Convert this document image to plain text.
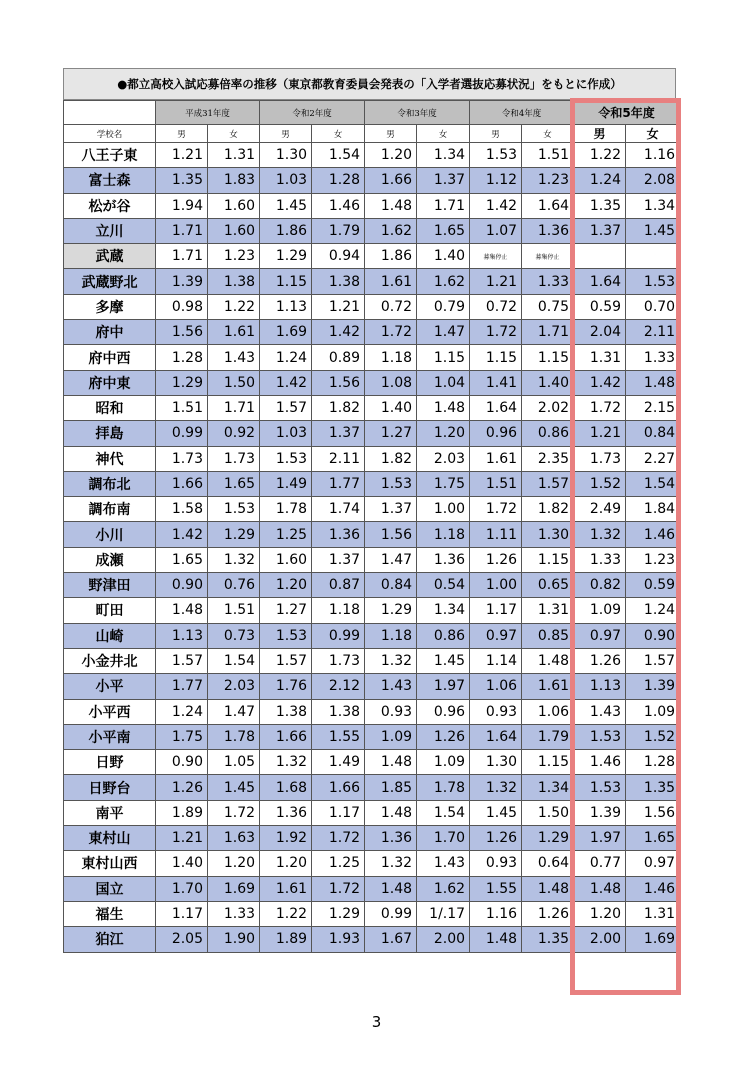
●都立高校入試応募倍率の推移（東京都教育委員会発表の「入学者選抜応募状況」をもとに作成）
	平成31年度		令和2年度		令和3年度		令和4年度		令和5年度	
学校名	男	女	男	女	男	女	男	女	男	女
八王子東	1.21	1.31	1.30	1.54	1.20	1.34	1.53	1.51	1.22	1.16
富士森	1.35	1.83	1.03	1.28	1.66	1.37	1.12	1.23	1.24	2.08
松が谷	1.94	1.60	1.45	1.46	1.48	1.71	1.42	1.64	1.35	1.34
立川	1.71	1.60	1.86	1.79	1.62	1.65	1.07	1.36	1.37	1.45
武蔵	1.71	1.23	1.29	0.94	1.86	1.40	募集停止	募集停止		
武蔵野北	1.39	1.38	1.15	1.38	1.61	1.62	1.21	1.33	1.64	1.53
多摩	0.98	1.22	1.13	1.21	0.72	0.79	0.72	0.75	0.59	0.70
府中	1.56	1.61	1.69	1.42	1.72	1.47	1.72	1.71	2.04	2.11
府中西	1.28	1.43	1.24	0.89	1.18	1.15	1.15	1.15	1.31	1.33
府中東	1.29	1.50	1.42	1.56	1.08	1.04	1.41	1.40	1.42	1.48
昭和	1.51	1.71	1.57	1.82	1.40	1.48	1.64	2.02	1.72	2.15
拝島	0.99	0.92	1.03	1.37	1.27	1.20	0.96	0.86	1.21	0.84
神代	1.73	1.73	1.53	2.11	1.82	2.03	1.61	2.35	1.73	2.27
調布北	1.66	1.65	1.49	1.77	1.53	1.75	1.51	1.57	1.52	1.54
調布南	1.58	1.53	1.78	1.74	1.37	1.00	1.72	1.82	2.49	1.84
小川	1.42	1.29	1.25	1.36	1.56	1.18	1.11	1.30	1.32	1.46
成瀬	1.65	1.32	1.60	1.37	1.47	1.36	1.26	1.15	1.33	1.23
野津田	0.90	0.76	1.20	0.87	0.84	0.54	1.00	0.65	0.82	0.59
町田	1.48	1.51	1.27	1.18	1.29	1.34	1.17	1.31	1.09	1.24
山崎	1.13	0.73	1.53	0.99	1.18	0.86	0.97	0.85	0.97	0.90
小金井北	1.57	1.54	1.57	1.73	1.32	1.45	1.14	1.48	1.26	1.57
小平	1.77	2.03	1.76	2.12	1.43	1.97	1.06	1.61	1.13	1.39
小平西	1.24	1.47	1.38	1.38	0.93	0.96	0.93	1.06	1.43	1.09
小平南	1.75	1.78	1.66	1.55	1.09	1.26	1.64	1.79	1.53	1.52
日野	0.90	1.05	1.32	1.49	1.48	1.09	1.30	1.15	1.46	1.28
日野台	1.26	1.45	1.68	1.66	1.85	1.78	1.32	1.34	1.53	1.35
南平	1.89	1.72	1.36	1.17	1.48	1.54	1.45	1.50	1.39	1.56
東村山	1.21	1.63	1.92	1.72	1.36	1.70	1.26	1.29	1.97	1.65
東村山西	1.40	1.20	1.20	1.25	1.32	1.43	0.93	0.64	0.77	0.97
国立	1.70	1.69	1.61	1.72	1.48	1.62	1.55	1.48	1.48	1.46
福生	1.17	1.33	1.22	1.29	0.99	1/.17	1.16	1.26	1.20	1.31
狛江	2.05	1.90	1.89	1.93	1.67	2.00	1.48	1.35	2.00	1.69
3
